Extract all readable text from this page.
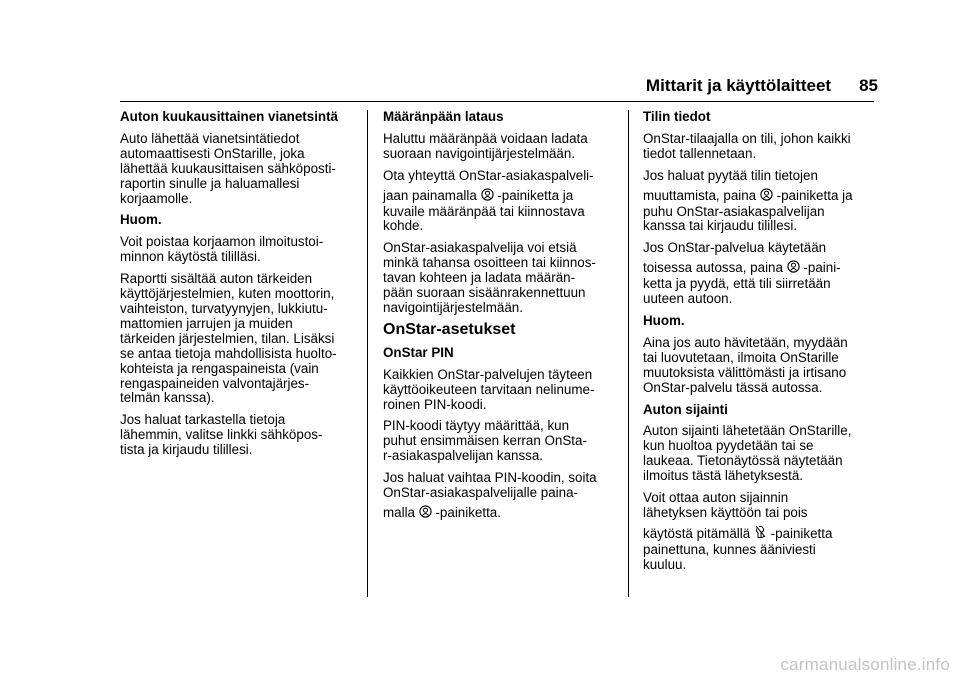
Mittarit ja käyttölaitteet 85
Auton kuukausittainen vianetsintä

Auto lähettää vianetsintätiedot
automaattisesti OnStarille, joka
lähettää kuukausittaisen sähköposti-
raportin sinulle ja haluamallesi
korjaamolle.

Huom.

Voit poistaa korjaamon ilmoitustoi-
minnon käytöstä tililläsi.

Raportti sisältää auton tärkeiden
käyttöjärjestelmien, kuten moottorin,
vaihteiston, turvatyynyjen, lukkiutu-
mattomien jarrujen ja muiden
tärkeiden järjestelmien, tilan. Lisäksi
se antaa tietoja mahdollisista huolto-
kohteista ja rengaspaineista (vain
rengaspaineiden valvontajärjes-
telmän kanssa).

Jos haluat tarkastella tietoja
lähemmin, valitse linkki sähköpos-
tista ja kirjaudu tilillesi.

Määränpään lataus

Haluttu määränpää voidaan ladata
suoraan navigointijärjestelmään.

Ota yhteyttä OnStar-asiakaspalveli-
jaan painamalla -painiketta ja
kuvaile määränpää tai kiinnostava
kohde.

OnStar-asiakaspalvelija voi etsiä
minkä tahansa osoitteen tai kiinnos-
tavan kohteen ja ladata määrän-
pään suoraan sisäänrakennettuun
navigointijärjestelmään.

OnStar-asetukset
OnStar PIN

Kaikkien OnStar-palvelujen täyteen
käyttöoikeuteen tarvitaan nelinume-
roinen PIN-koodi.

PIN-koodi täytyy määrittää, kun
puhut ensimmäisen kerran OnSta-
r-asiakaspalvelijan kanssa.

Jos haluat vaihtaa PIN-koodin, soita
OnStar-asiakaspalvelijalle paina-
malla -painiketta.

Tilin tiedot

OnStar-tilaajalla on tili, johon kaikki
tiedot tallennetaan.

Jos haluat pyytää tilin tietojen
muuttamista, paina -painiketta ja
puhu OnStar-asiakaspalvelijan
kanssa tai kirjaudu tilillesi.

Jos OnStar-palvelua käytetään
toisessa autossa, paina -paini-
ketta ja pyydä, että tili siirretään
uuteen autoon.

Huom.

Aina jos auto hävitetään, myydään
tai luovutetaan, ilmoita OnStarille
muutoksista välittömästi ja irtisano
OnStar-palvelu tässä autossa.

Auton sijainti

Auton sijainti lähetetään OnStarille,
kun huoltoa pyydetään tai se
laukeaa. Tietonäytössä näytetään
ilmoitus tästä lähetyksestä.

Voit ottaa auton sijainnin
lähetyksen käyttöön tai pois
käytöstä pitämällä -painiketta
painettuna, kunnes ääniviesti
kuuluu.

carmanualsonline.info
